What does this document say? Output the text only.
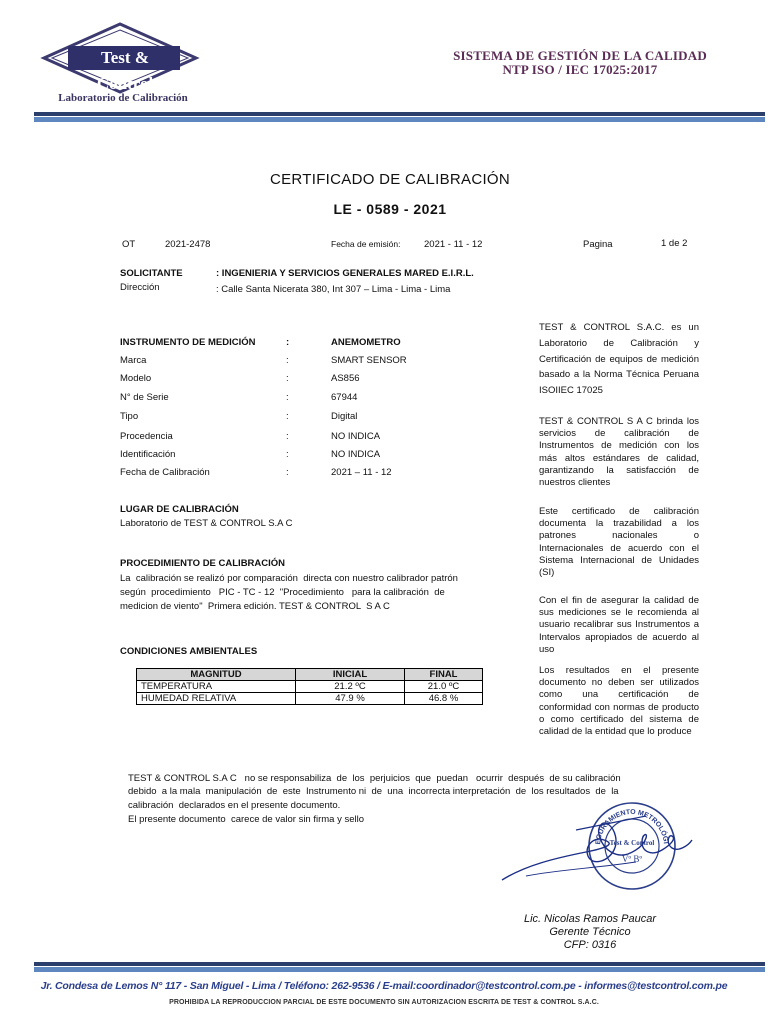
Test & Control
Laboratorio de Calibración
SISTEMA DE GESTIÓN DE LA CALIDAD
NTP ISO / IEC 17025:2017
CERTIFICADO DE CALIBRACIÓN
LE - 0589 - 2021
OT	2021-2478	Fecha de emisión: 2021 - 11 - 12	Pagina	1 de 2
SOLICITANTE	: INGENIERIA Y SERVICIOS GENERALES MARED E.I.R.L.
Dirección	: Calle Santa Nicerata 380, Int 307 – Lima - Lima - Lima
INSTRUMENTO DE MEDICIÓN	:	ANEMOMETRO
Marca	:	SMART SENSOR
Modelo	:	AS856
N° de Serie	:	67944
Tipo	:	Digital
Procedencia	:	NO INDICA
Identificación	:	NO INDICA
Fecha de Calibración	:	2021 – 11 - 12
LUGAR DE CALIBRACIÓN
Laboratorio de TEST & CONTROL S.A C
PROCEDIMIENTO DE CALIBRACIÓN
La  calibración se realizó por comparación  directa con nuestro calibrador patrón
según  procedimiento   PIC - TC - 12  "Procedimiento   para la calibración  de
medicion de viento"  Primera edición. TEST & CONTROL  S A C
CONDICIONES AMBIENTALES
MAGNITUD	INICIAL	FINAL
TEMPERATURA	21.2 ºC	21.0 ºC
HUMEDAD RELATIVA	47.9 %	46.8 %
TEST & CONTROL S.A.C. es un Laboratorio de Calibración y Certificación de equipos de medición basado a la Norma Técnica Peruana ISOIIEC 17025
TEST & CONTROL S A C brinda los servicios de calibración de Instrumentos de medición con los más altos estándares de calidad, garantizando la satisfacción de nuestros clientes
Este certificado de calibración documenta la trazabilidad a los patrones nacionales o Internacionales de acuerdo con el Sistema Internacional de Unidades (SI)
Con el fin de asegurar la calidad de sus mediciones se le recomienda al usuario recalibrar sus Instrumentos a Intervalos apropiados de acuerdo al uso
Los resultados en el presente documento no deben ser utilizados como una certificación de conformidad con normas de producto o como certificado del sistema de calidad de la entidad que lo produce
TEST & CONTROL S.A C   no se responsabiliza  de  los  perjuicios  que  puedan   ocurrir  después  de su calibración
debido  a la mala  manipulación  de  este  Instrumento ni  de  una  incorrecta interpretación  de  los resultados  de  la
calibración  declarados en el presente documento.
El presente documento  carece de valor sin firma y sello
EGURAMIENTO METROLÓGI
Test & Control
Vº Bº
Lic. Nicolas Ramos Paucar
Gerente Técnico
CFP: 0316
Jr. Condesa de Lemos N° 117 - San Miguel - Lima / Teléfono: 262-9536 / E-mail:coordinador@testcontrol.com.pe - informes@testcontrol.com.pe
PROHIBIDA LA REPRODUCCION PARCIAL DE ESTE DOCUMENTO SIN AUTORIZACION ESCRITA DE TEST & CONTROL S.A.C.
